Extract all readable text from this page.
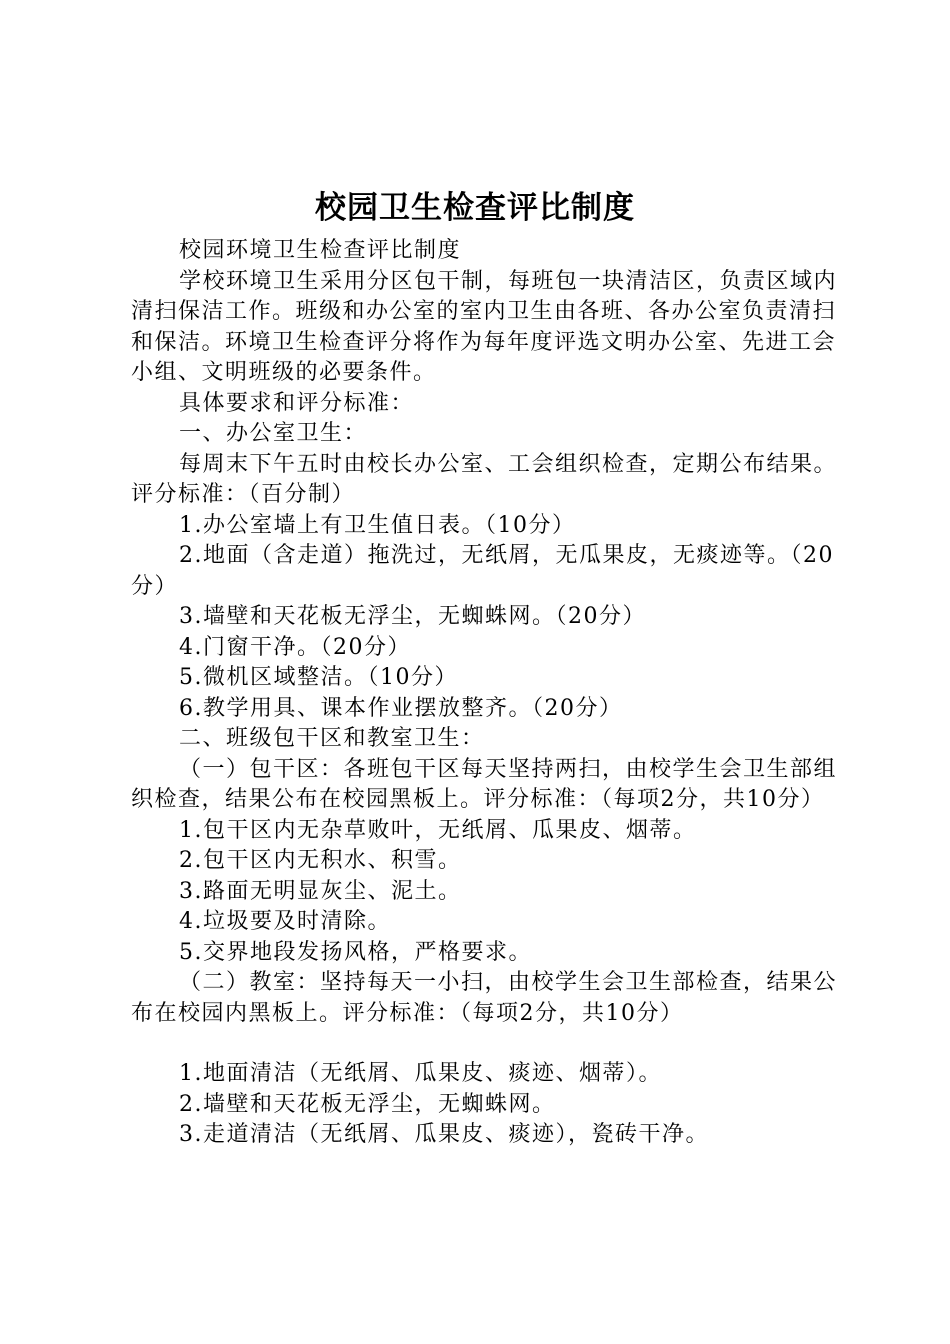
校园卫生检查评比制度

校园环境卫生检查评比制度

学校环境卫生采用分区包干制，每班包一块清洁区，负责区域内清扫保洁工作。班级和办公室的室内卫生由各班、各办公室负责清扫和保洁。环境卫生检查评分将作为每年度评选文明办公室、先进工会小组、文明班级的必要条件。

具体要求和评分标准：

一、办公室卫生：

每周末下午五时由校长办公室、工会组织检查，定期公布结果。评分标准：（百分制）

1.办公室墙上有卫生值日表。（10分）

2.地面（含走道）拖洗过，无纸屑，无瓜果皮，无痰迹等。（20分）

3.墙壁和天花板无浮尘，无蜘蛛网。（20分）

4.门窗干净。（20分）

5.微机区域整洁。（10分）

6.教学用具、课本作业摆放整齐。（20分）

二、班级包干区和教室卫生：

（一）包干区：各班包干区每天坚持两扫，由校学生会卫生部组织检查，结果公布在校园黑板上。评分标准：（每项2分，共10分）

1.包干区内无杂草败叶，无纸屑、瓜果皮、烟蒂。

2.包干区内无积水、积雪。

3.路面无明显灰尘、泥土。

4.垃圾要及时清除。

5.交界地段发扬风格，严格要求。

（二）教室：坚持每天一小扫，由校学生会卫生部检查，结果公布在校园内黑板上。评分标准：（每项2分，共10分）

1.地面清洁（无纸屑、瓜果皮、痰迹、烟蒂）。

2.墙壁和天花板无浮尘，无蜘蛛网。

3.走道清洁（无纸屑、瓜果皮、痰迹），瓷砖干净。
